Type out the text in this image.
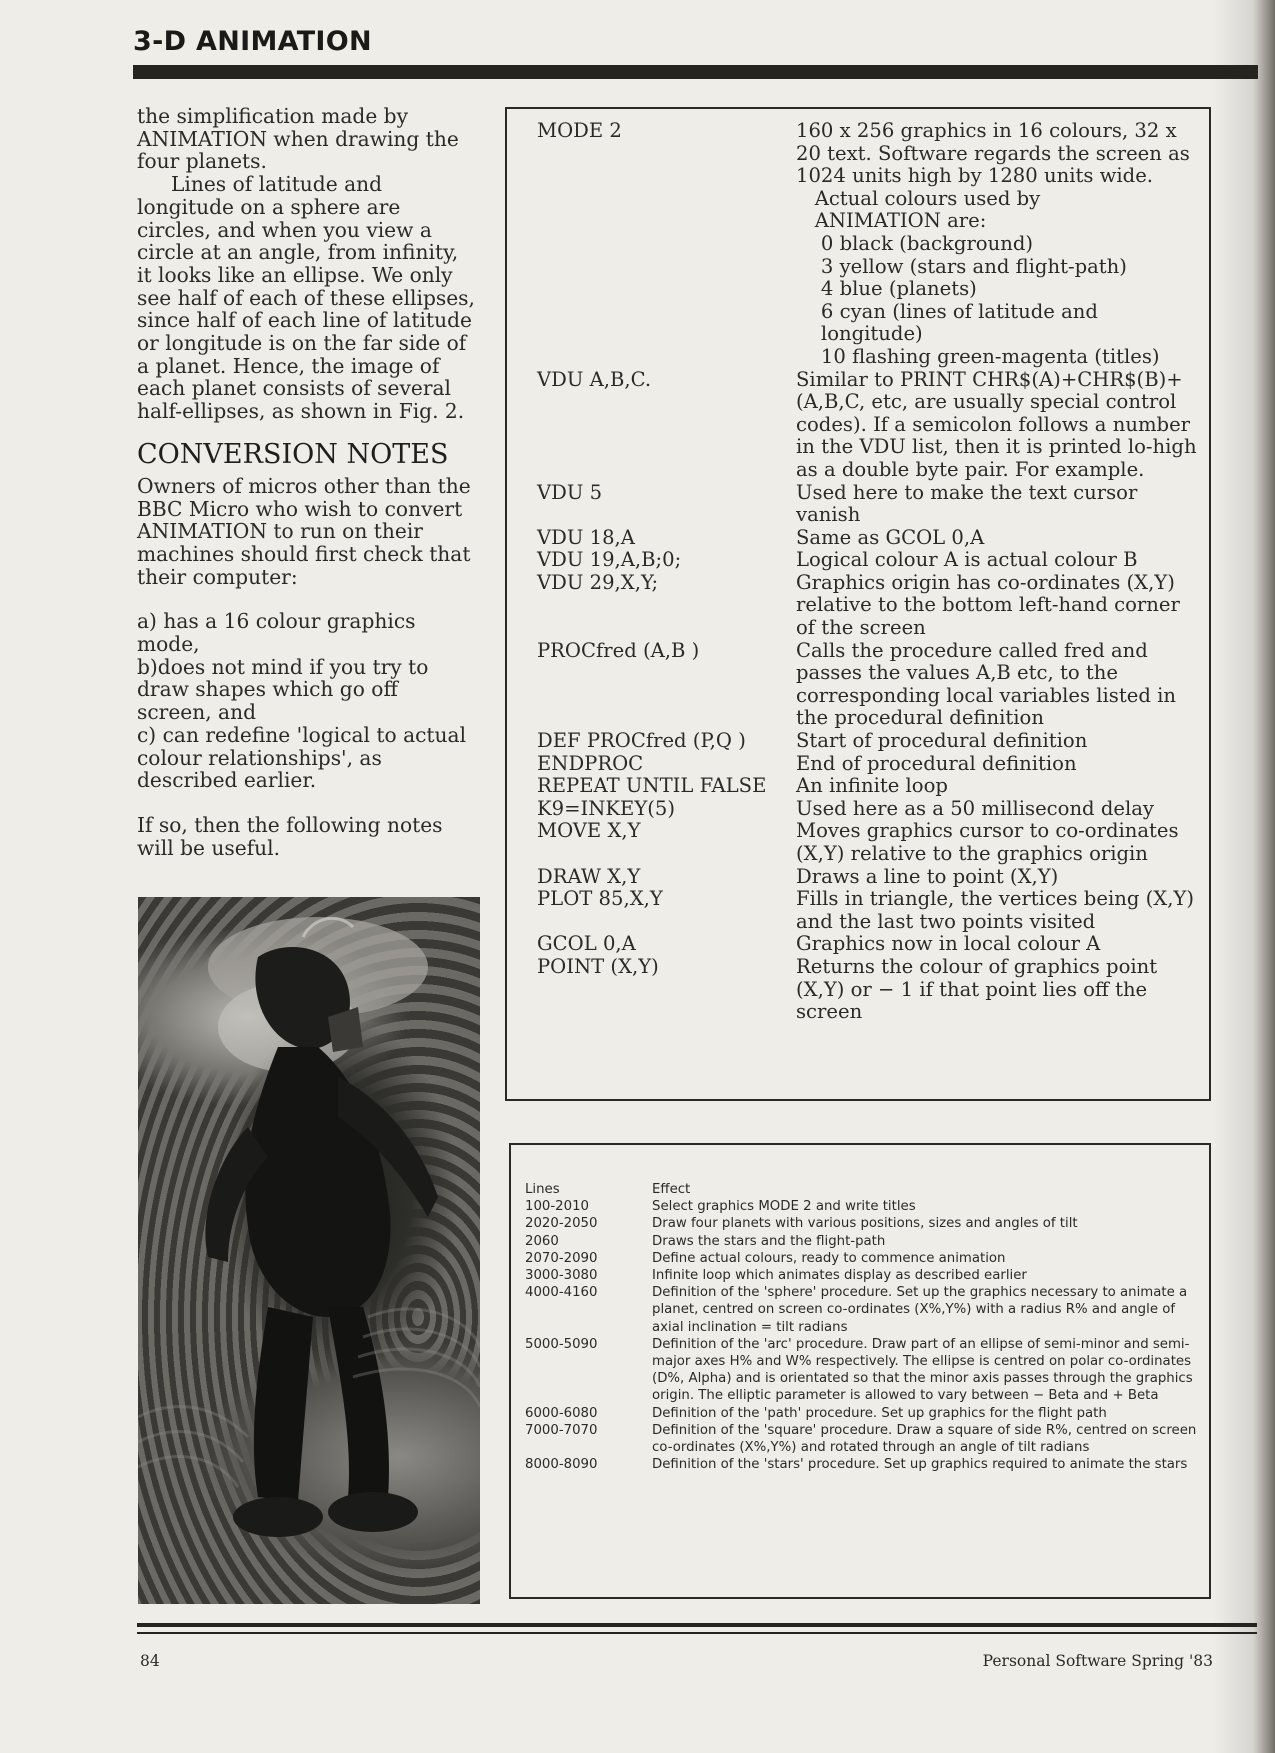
3-D ANIMATION

the simplification made by ANIMATION when drawing the four planets.

Lines of latitude and longitude on a sphere are circles, and when you view a circle at an angle, from infinity, it looks like an ellipse. We only see half of each of these ellipses, since half of each line of latitude or longitude is on the far side of a planet. Hence, the image of each planet consists of several half-ellipses, as shown in Fig. 2.

CONVERSION NOTES

Owners of micros other than the BBC Micro who wish to convert ANIMATION to run on their machines should first check that their computer:

a) has a 16 colour graphics mode,
b)does not mind if you try to draw shapes which go off screen, and
c) can redefine 'logical to actual colour relationships', as described earlier.

If so, then the following notes will be useful.

MODE 2	160 x 256 graphics in 16 colours, 32 x 20 text. Software regards the screen as 1024 units high by 1280 units wide.
Actual colours used by
ANIMATION are:
0 black (background)
3 yellow (stars and flight-path)
4 blue (planets)
6 cyan (lines of latitude and
longitude)
10 flashing green-magenta (titles)
VDU A,B,C.	Similar to PRINT CHR$(A)+CHR$(B)+ (A,B,C, etc, are usually special control codes). If a semicolon follows a number in the VDU list, then it is printed lo-high as a double byte pair. For example.
VDU 5	Used here to make the text cursor vanish
VDU 18,A	Same as GCOL 0,A
VDU 19,A,B;0;	Logical colour A is actual colour B
VDU 29,X,Y;	Graphics origin has co-ordinates (X,Y) relative to the bottom left-hand corner of the screen
PROCfred (A,B )	Calls the procedure called fred and passes the values A,B etc, to the corresponding local variables listed in the procedural definition
DEF PROCfred (P,Q )	Start of procedural definition
ENDPROC	End of procedural definition
REPEAT UNTIL FALSE	An infinite loop
K9=INKEY(5)	Used here as a 50 millisecond delay
MOVE X,Y	Moves graphics cursor to co-ordinates (X,Y) relative to the graphics origin
DRAW X,Y	Draws a line to point (X,Y)
PLOT 85,X,Y	Fills in triangle, the vertices being (X,Y) and the last two points visited
GCOL 0,A	Graphics now in local colour A
POINT (X,Y)	Returns the colour of graphics point (X,Y) or − 1 if that point lies off the screen
Lines	Effect
100-2010	Select graphics MODE 2 and write titles
2020-2050	Draw four planets with various positions, sizes and angles of tilt
2060	Draws the stars and the flight-path
2070-2090	Define actual colours, ready to commence animation
3000-3080	Infinite loop which animates display as described earlier
4000-4160	Definition of the 'sphere' procedure. Set up the graphics necessary to animate a planet, centred on screen co-ordinates (X%,Y%) with a radius R% and angle of axial inclination = tilt radians
5000-5090	Definition of the 'arc' procedure. Draw part of an ellipse of semi-minor and semi-major axes H% and W% respectively. The ellipse is centred on polar co-ordinates (D%, Alpha) and is orientated so that the minor axis passes through the graphics origin. The elliptic parameter is allowed to vary between − Beta and + Beta
6000-6080	Definition of the 'path' procedure. Set up graphics for the flight path
7000-7070	Definition of the 'square' procedure. Draw a square of side R%, centred on screen co-ordinates (X%,Y%) and rotated through an angle of tilt radians
8000-8090	Definition of the 'stars' procedure. Set up graphics required to animate the stars
84	Personal Software Spring '83
